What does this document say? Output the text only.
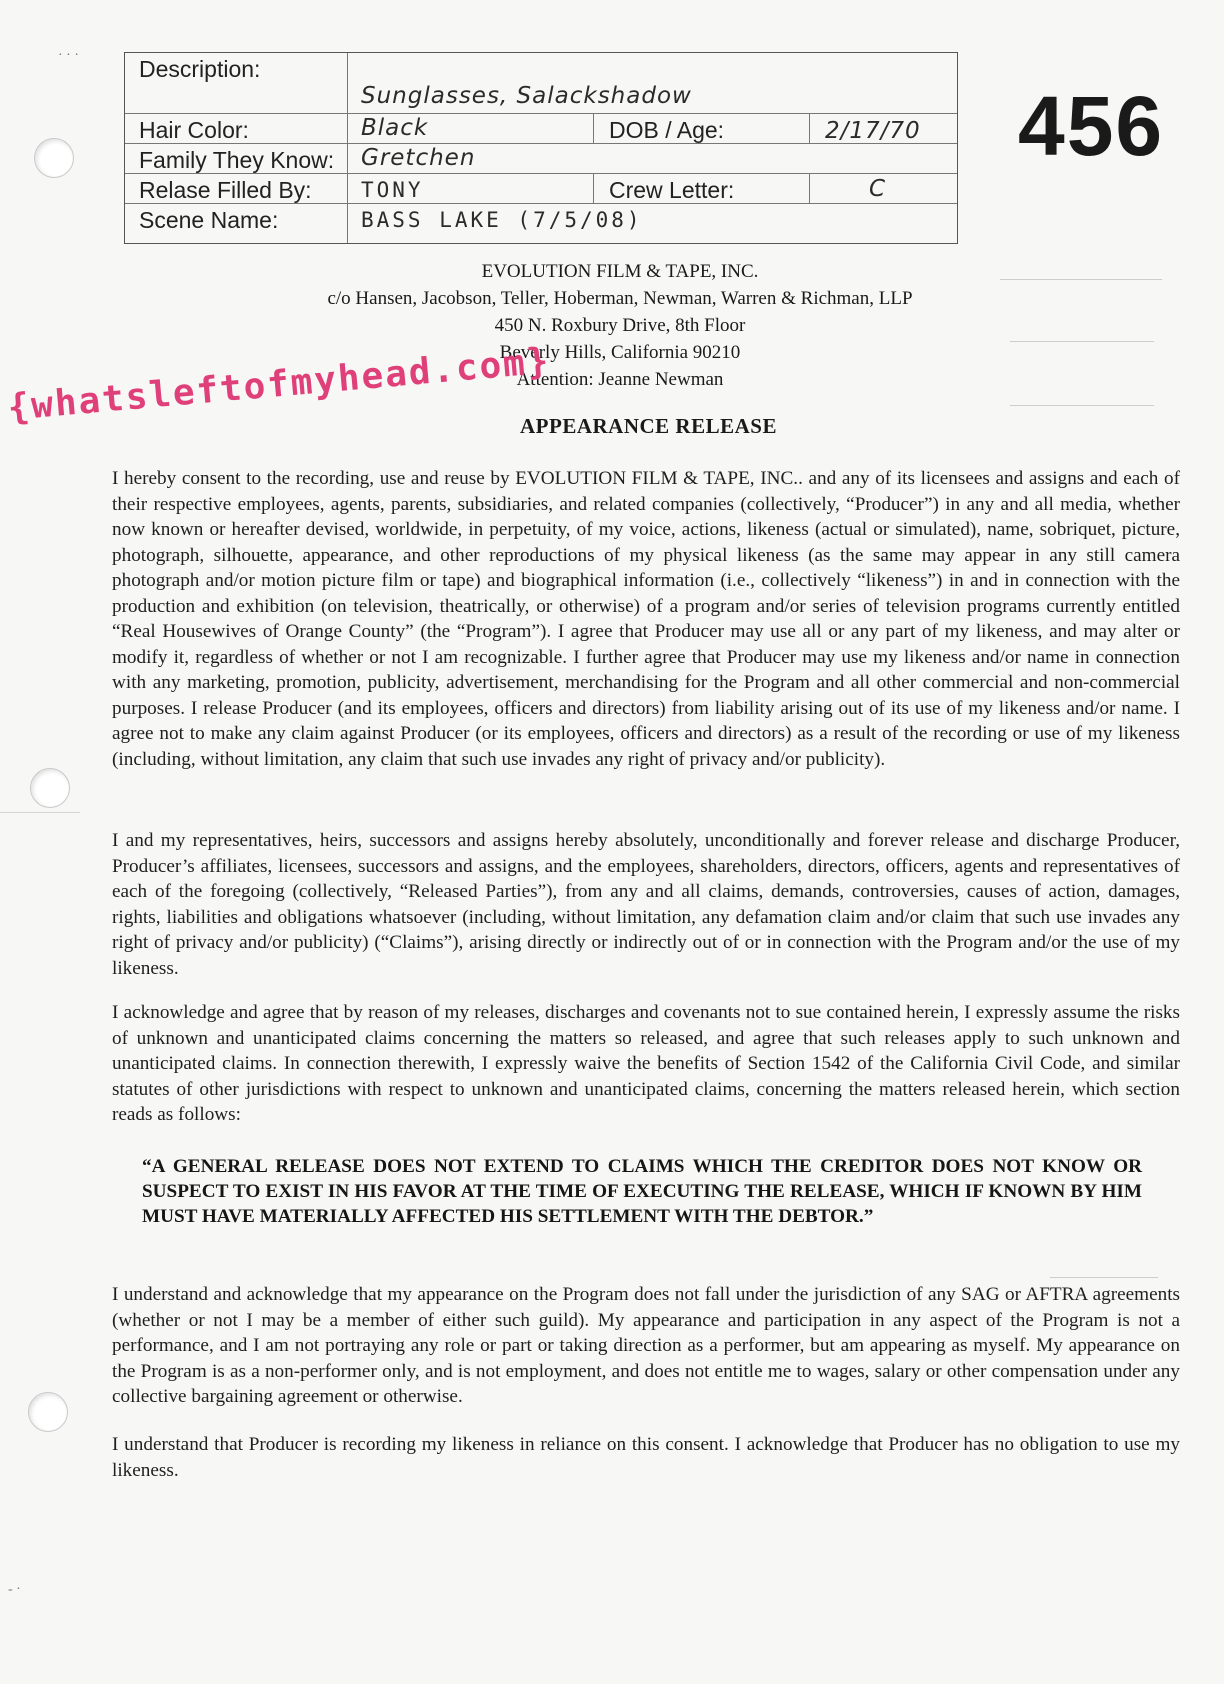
· · ·
- ·
―――――――――
――――――――
――――――――
――――――
Description:
Sunglasses, Salackshadow
Hair Color:	Black	DOB / Age:	2/17/70
Family They Know: Gretchen
Relase Filled By: TONY	Crew Letter:	C
Scene Name:	BASS LAKE (7/5/08)
456
EVOLUTION FILM & TAPE, INC.
c/o Hansen, Jacobson, Teller, Hoberman, Newman, Warren & Richman, LLP
450 N. Roxbury Drive, 8th Floor
Beverly Hills, California 90210
Attention: Jeanne Newman
{whatsleftofmyhead.com}
APPEARANCE RELEASE
I hereby consent to the recording, use and reuse by EVOLUTION FILM & TAPE, INC.. and any of its licensees and assigns and each of their respective employees, agents, parents, subsidiaries, and related companies (collectively, “Producer”) in any and all media, whether now known or hereafter devised, worldwide, in perpetuity, of my voice, actions, likeness (actual or simulated), name, sobriquet, picture, photograph, silhouette, appearance, and other reproductions of my physical likeness (as the same may appear in any still camera photograph and/or motion picture film or tape) and biographical information (i.e., collectively “likeness”) in and in connection with the production and exhibition (on television, theatrically, or otherwise) of a program and/or series of television programs currently entitled “Real Housewives of Orange County” (the “Program”). I agree that Producer may use all or any part of my likeness, and may alter or modify it, regardless of whether or not I am recognizable. I further agree that Producer may use my likeness and/or name in connection with any marketing, promotion, publicity, advertisement, merchandising for the Program and all other commercial and non-commercial purposes. I release Producer (and its employees, officers and directors) from liability arising out of its use of my likeness and/or name. I agree not to make any claim against Producer (or its employees, officers and directors) as a result of the recording or use of my likeness (including, without limitation, any claim that such use invades any right of privacy and/or publicity).
I and my representatives, heirs, successors and assigns hereby absolutely, unconditionally and forever release and discharge Producer, Producer’s affiliates, licensees, successors and assigns, and the employees, shareholders, directors, officers, agents and representatives of each of the foregoing (collectively, “Released Parties”), from any and all claims, demands, controversies, causes of action, damages, rights, liabilities and obligations whatsoever (including, without limitation, any defamation claim and/or claim that such use invades any right of privacy and/or publicity) (“Claims”), arising directly or indirectly out of or in connection with the Program and/or the use of my likeness.
I acknowledge and agree that by reason of my releases, discharges and covenants not to sue contained herein, I expressly assume the risks of unknown and unanticipated claims concerning the matters so released, and agree that such releases apply to such unknown and unanticipated claims. In connection therewith, I expressly waive the benefits of Section 1542 of the California Civil Code, and similar statutes of other jurisdictions with respect to unknown and unanticipated claims, concerning the matters released herein, which section reads as follows:
“A GENERAL RELEASE DOES NOT EXTEND TO CLAIMS WHICH THE CREDITOR DOES NOT KNOW OR SUSPECT TO EXIST IN HIS FAVOR AT THE TIME OF EXECUTING THE RELEASE, WHICH IF KNOWN BY HIM MUST HAVE MATERIALLY AFFECTED HIS SETTLEMENT WITH THE DEBTOR.”
I understand and acknowledge that my appearance on the Program does not fall under the jurisdiction of any SAG or AFTRA agreements (whether or not I may be a member of either such guild). My appearance and participation in any aspect of the Program is not a performance, and I am not portraying any role or part or taking direction as a performer, but am appearing as myself. My appearance on the Program is as a non-performer only, and is not employment, and does not entitle me to wages, salary or other compensation under any collective bargaining agreement or otherwise.
I understand that Producer is recording my likeness in reliance on this consent. I acknowledge that Producer has no obligation to use my likeness.
